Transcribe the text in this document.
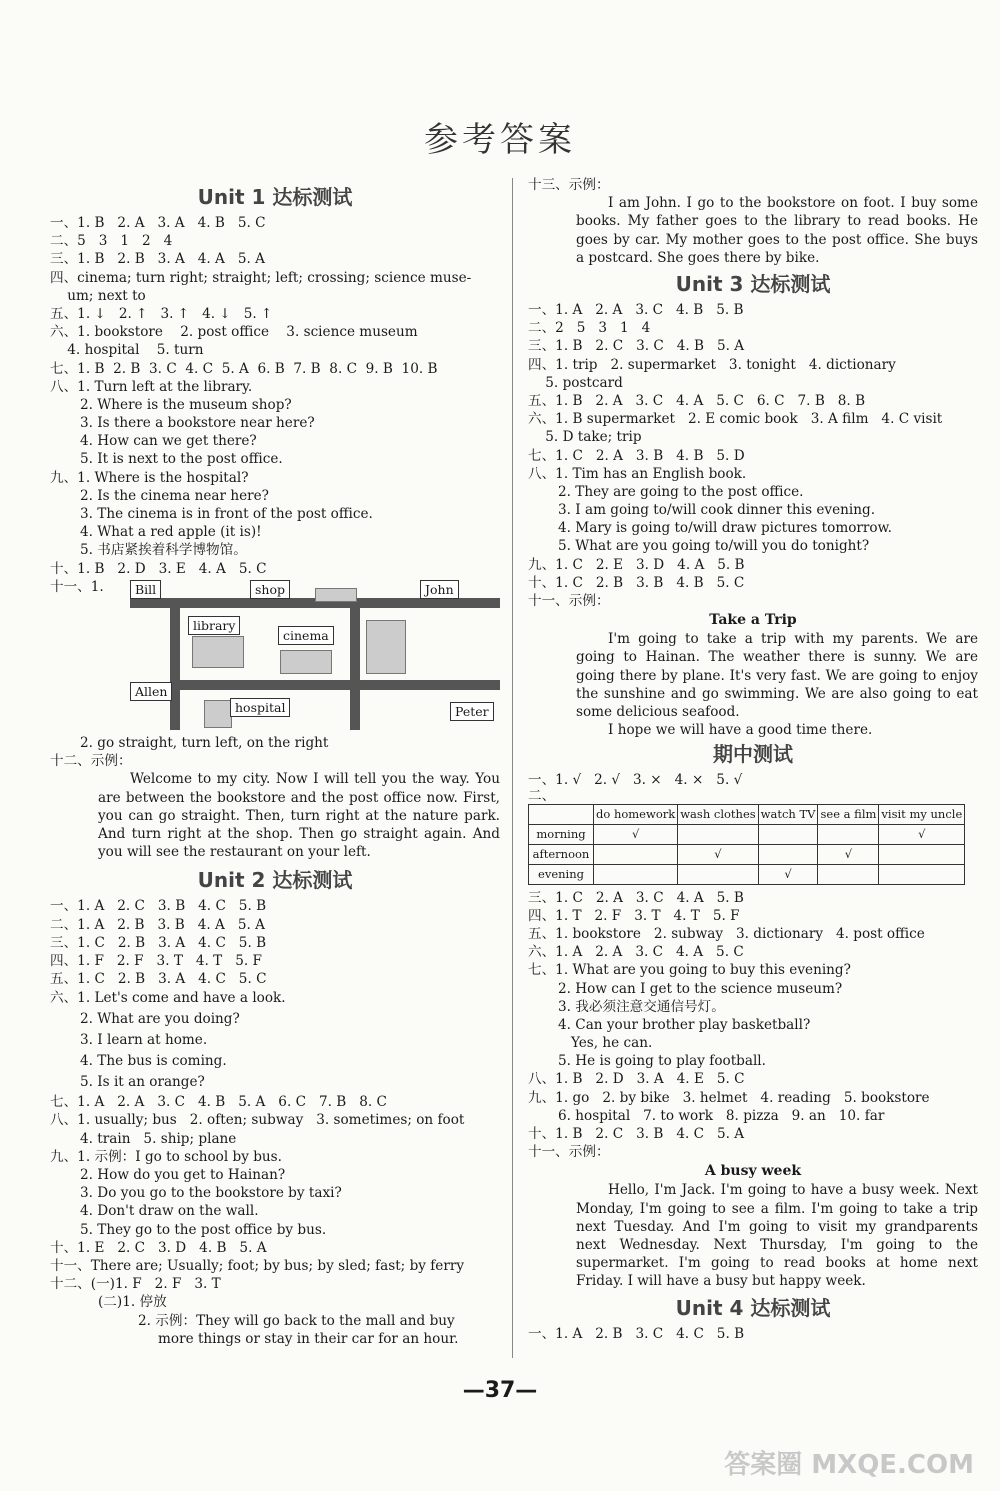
参考答案
Unit 1 达标测试
一、1. B   2. A   3. A   4. B   5. C
二、5   3   1   2   4
三、1. B   2. B   3. A   4. A   5. A
四、cinema; turn right; straight; left; crossing; science muse-
um; next to
五、1. ↓   2. ↑   3. ↑   4. ↓   5. ↑
六、1. bookstore    2. post office    3. science museum
4. hospital    5. turn
七、1. B  2. B  3. C  4. C  5. A  6. B  7. B  8. C  9. B  10. B
八、1. Turn left at the library.
2. Where is the museum shop?
3. Is there a bookstore near here?
4. How can we get there?
5. It is next to the post office.
九、1. Where is the hospital?
2. Is the cinema near here?
3. The cinema is in front of the post office.
4. What a red apple (it is)!
5. 书店紧挨着科学博物馆。
十、1. B   2. D   3. E   4. A   5. C
十一、1.	Bill	shop	John
library
cinema
Allen
hospital	Peter
2. go straight, turn left, on the right
十二、示例：
Welcome to my city. Now I will tell you the way. You are between the bookstore and the post office now. First, you can go straight. Then, turn right at the nature park. And turn right at the shop. Then go straight again. And you will see the restaurant on your left.
Unit 2 达标测试
一、1. A   2. C   3. B   4. C   5. B
二、1. A   2. B   3. B   4. A   5. A
三、1. C   2. B   3. A   4. C   5. B
四、1. F   2. F   3. T   4. T   5. F
五、1. C   2. B   3. A   4. C   5. C
六、1. Let's come and have a look.
2. What are you doing?
3. I learn at home.
4. The bus is coming.
5. Is it an orange?
七、1. A   2. A   3. C   4. B   5. A   6. C   7. B   8. C
八、1. usually; bus   2. often; subway   3. sometimes; on foot
4. train   5. ship; plane
九、1. 示例：I go to school by bus.
2. How do you get to Hainan?
3. Do you go to the bookstore by taxi?
4. Don't draw on the wall.
5. They go to the post office by bus.
十、1. E   2. C   3. D   4. B   5. A
十一、There are; Usually; foot; by bus; by sled; fast; by ferry
十二、(一)1. F   2. F   3. T
(二)1. 停放
2. 示例：They will go back to the mall and buy
more things or stay in their car for an hour.
十三、示例：
I am John. I go to the bookstore on foot. I buy some books. My father goes to the library to read books. He goes by car. My mother goes to the post office. She buys a postcard. She goes there by bike.
Unit 3 达标测试
一、1. A   2. A   3. C   4. B   5. B
二、2   5   3   1   4
三、1. B   2. C   3. C   4. B   5. A
四、1. trip   2. supermarket   3. tonight   4. dictionary
5. postcard
五、1. B   2. A   3. C   4. A   5. C   6. C   7. B   8. B
六、1. B supermarket   2. E comic book   3. A film   4. C visit
5. D take; trip
七、1. C   2. A   3. B   4. B   5. D
八、1. Tim has an English book.
2. They are going to the post office.
3. I am going to/will cook dinner this evening.
4. Mary is going to/will draw pictures tomorrow.
5. What are you going to/will you do tonight?
九、1. C   2. E   3. D   4. A   5. B
十、1. C   2. B   3. B   4. B   5. C
十一、示例：
Take a Trip
I'm going to take a trip with my parents. We are going to Hainan. The weather there is sunny. We are going there by plane. It's very fast. We are going to enjoy the sunshine and go swimming. We are also going to eat some delicious seafood.
I hope we will have a good time there.
期中测试
一、1. √   2. √   3. ×   4. ×   5. √
二、
	do homework	wash clothes	watch TV	see a film	visit my uncle
morning	√				√
afternoon		√		√	
evening			√		
三、1. C   2. A   3. C   4. A   5. B
四、1. T   2. F   3. T   4. T   5. F
五、1. bookstore   2. subway   3. dictionary   4. post office
六、1. A   2. A   3. C   4. A   5. C
七、1. What are you going to buy this evening?
2. How can I get to the science museum?
3. 我必须注意交通信号灯。
4. Can your brother play basketball?
Yes, he can.
5. He is going to play football.
八、1. B   2. D   3. A   4. E   5. C
九、1. go   2. by bike   3. helmet   4. reading   5. bookstore
6. hospital   7. to work   8. pizza   9. an   10. far
十、1. B   2. C   3. B   4. C   5. A
十一、示例：
A busy week
Hello, I'm Jack. I'm going to have a busy week. Next Monday, I'm going to see a film. I'm going to take a trip next Tuesday. And I'm going to visit my grandparents next Wednesday. Next Thursday, I'm going to the supermarket. I'm going to read books at home next Friday. I will have a busy but happy week.
Unit 4 达标测试
一、1. A   2. B   3. C   4. C   5. B
—37—
答案圈 MXQE.COM
